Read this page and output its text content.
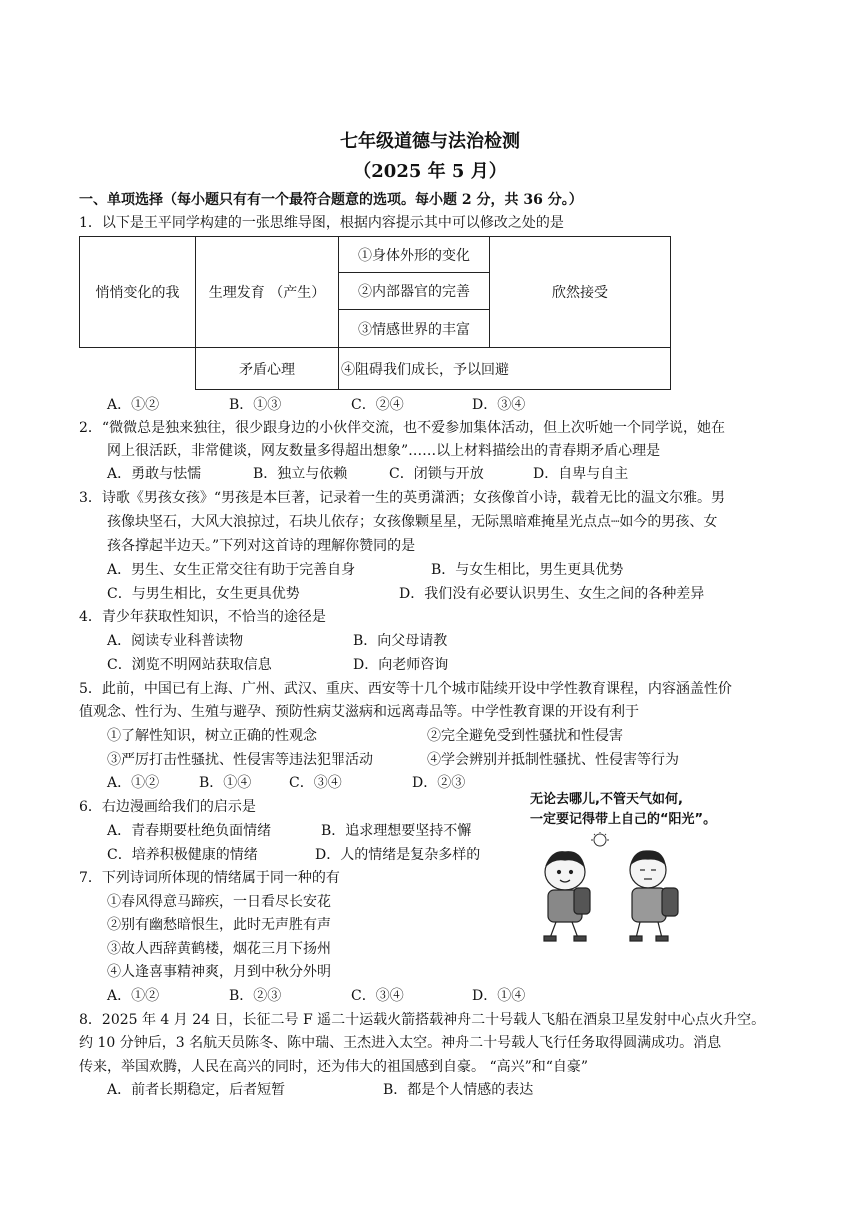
七年级道德与法治检测
（2025 年 5 月）
一、单项选择（每小题只有有一个最符合题意的选项。每小题 2 分，共 36 分。）
1．以下是王平同学构建的一张思维导图，根据内容提示其中可以修改之处的是
悄悄变化的我	生理发育 （产生）	①身体外形的变化	欣然接受
		②内部器官的完善	
		③情感世界的丰富	
	矛盾心理	④阻碍我们成长，予以回避	
A．①②	B．①③	C．②④	D．③④
2．“微微总是独来独往，很少跟身边的小伙伴交流，也不爱参加集体活动，但上次听她一个同学说，她在
网上很活跃，非常健谈，网友数量多得超出想象”……以上材料描绘出的青春期矛盾心理是
A．勇敢与怯懦	B．独立与依赖	C．闭锁与开放	D．自卑与自主
3．诗歌《男孩女孩》“男孩是本巨著，记录着一生的英勇潇洒；女孩像首小诗，载着无比的温文尔雅。男
孩像块坚石，大风大浪掠过，石块儿依存；女孩像颗星星，无际黑暗难掩星光点点┈如今的男孩、女
孩各撑起半边天。”下列对这首诗的理解你赞同的是
A．男生、女生正常交往有助于完善自身	B．与女生相比，男生更具优势
C．与男生相比，女生更具优势	D．我们没有必要认识男生、女生之间的各种差异
4．青少年获取性知识，不恰当的途径是
A．阅读专业科普读物	B．向父母请教
C．浏览不明网站获取信息	D．向老师咨询
5．此前，中国已有上海、广州、武汉、重庆、西安等十几个城市陆续开设中学性教育课程，内容涵盖性价
值观念、性行为、生殖与避孕、预防性病艾滋病和远离毒品等。中学性教育课的开设有利于
①了解性知识，树立正确的性观念	②完全避免受到性骚扰和性侵害
③严厉打击性骚扰、性侵害等违法犯罪活动	④学会辨别并抵制性骚扰、性侵害等行为
A．①②	B．①④	C．③④	D．②③
6．右边漫画给我们的启示是
A．青春期要杜绝负面情绪	B．追求理想要坚持不懈
C．培养积极健康的情绪	D．人的情绪是复杂多样的
无论去哪儿,不管天气如何,
一定要记得带上自己的“阳光”。
7．下列诗词所体现的情绪属于同一种的有
①春风得意马蹄疾，一日看尽长安花
②别有幽愁暗恨生，此时无声胜有声
③故人西辞黄鹤楼，烟花三月下扬州
④人逢喜事精神爽，月到中秋分外明
A．①②	B．②③	C．③④	D．①④
8．2025 年 4 月 24 日，长征二号 F 遥二十运载火箭搭载神舟二十号载人飞船在酒泉卫星发射中心点火升空。
约 10 分钟后，3 名航天员陈冬、陈中瑞、王杰进入太空。神舟二十号载人飞行任务取得圆满成功。消息
传来，举国欢腾，人民在高兴的同时，还为伟大的祖国感到自豪。 “高兴”和“自豪”
A．前者长期稳定，后者短暂	B．都是个人情感的表达
